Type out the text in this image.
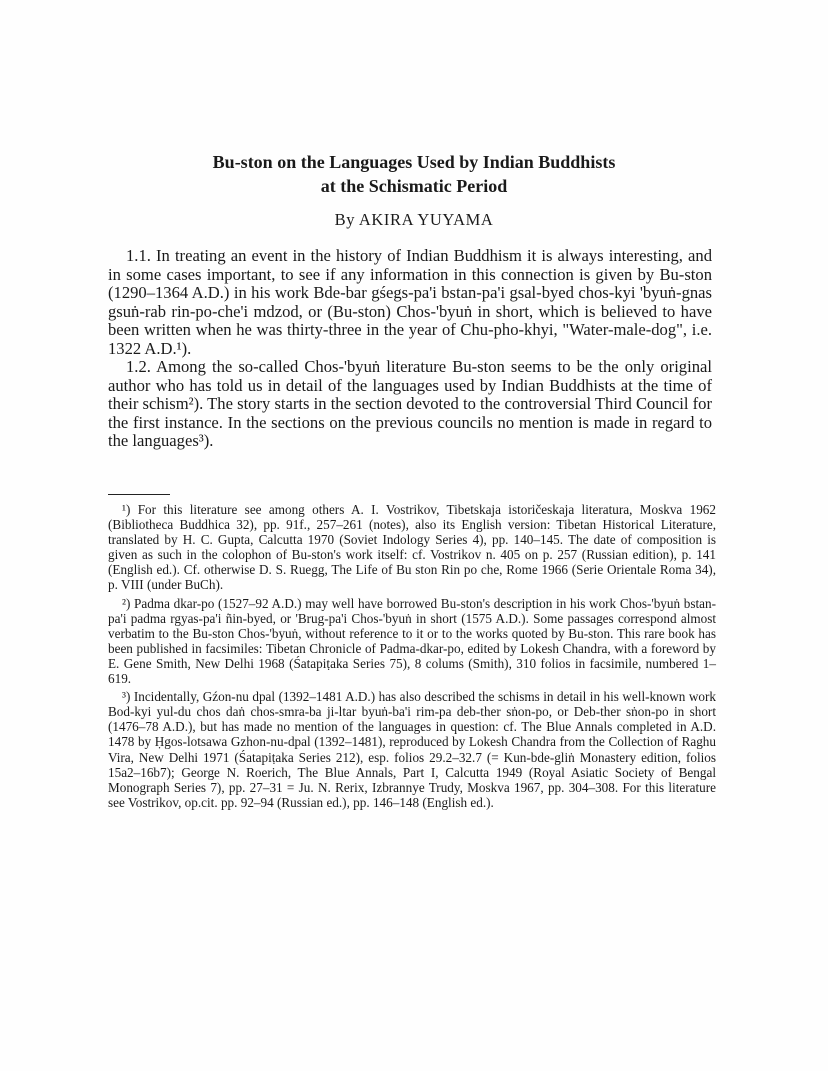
Bu-ston on the Languages Used by Indian Buddhists
at the Schismatic Period
By AKIRA YUYAMA

1.1. In treating an event in the history of Indian Buddhism it is always interesting, and in some cases important, to see if any information in this connection is given by Bu-ston (1290–1364 A.D.) in his work Bde-bar gśegs-pa'i bstan-pa'i gsal-byed chos-kyi 'byuṅ-gnas gsuṅ-rab rin-po-che'i mdzod, or (Bu-ston) Chos-'byuṅ in short, which is believed to have been written when he was thirty-three in the year of Chu-pho-khyi, "Water-male-dog", i.e. 1322 A.D.¹).

1.2. Among the so-called Chos-'byuṅ literature Bu-ston seems to be the only original author who has told us in detail of the languages used by Indian Buddhists at the time of their schism²). The story starts in the section devoted to the controversial Third Council for the first instance. In the sections on the previous councils no mention is made in regard to the languages³).

¹) For this literature see among others A. I. Vostrikov, Tibetskaja istoričeskaja literatura, Moskva 1962 (Bibliotheca Buddhica 32), pp. 91f., 257–261 (notes), also its English version: Tibetan Historical Literature, translated by H. C. Gupta, Calcutta 1970 (Soviet Indology Series 4), pp. 140–145. The date of composition is given as such in the colophon of Bu-ston's work itself: cf. Vostrikov n. 405 on p. 257 (Russian edition), p. 141 (English ed.). Cf. otherwise D. S. Ruegg, The Life of Bu ston Rin po che, Rome 1966 (Serie Orientale Roma 34), p. VIII (under BuCh).

²) Padma dkar-po (1527–92 A.D.) may well have borrowed Bu-ston's description in his work Chos-'byuṅ bstan-pa'i padma rgyas-pa'i ñin-byed, or 'Brug-pa'i Chos-'byuṅ in short (1575 A.D.). Some passages correspond almost verbatim to the Bu-ston Chos-'byuṅ, without reference to it or to the works quoted by Bu-ston. This rare book has been published in facsimiles: Tibetan Chronicle of Padma-dkar-po, edited by Lokesh Chandra, with a foreword by E. Gene Smith, New Delhi 1968 (Śatapiṭaka Series 75), 8 colums (Smith), 310 folios in facsimile, numbered 1–619.

³) Incidentally, Gźon-nu dpal (1392–1481 A.D.) has also described the schisms in detail in his well-known work Bod-kyi yul-du chos daṅ chos-smra-ba ji-ltar byuṅ-ba'i rim-pa deb-ther sṅon-po, or Deb-ther sṅon-po in short (1476–78 A.D.), but has made no mention of the languages in question: cf. The Blue Annals completed in A.D. 1478 by Ḥgos-lotsawa Gzhon-nu-dpal (1392–1481), reproduced by Lokesh Chandra from the Collection of Raghu Vira, New Delhi 1971 (Śatapiṭaka Series 212), esp. folios 29.2–32.7 (= Kun-bde-gliṅ Monastery edition, folios 15a2–16b7); George N. Roerich, The Blue Annals, Part I, Calcutta 1949 (Royal Asiatic Society of Bengal Monograph Series 7), pp. 27–31 = Ju. N. Rerix, Izbrannye Trudy, Moskva 1967, pp. 304–308. For this literature see Vostrikov, op.cit. pp. 92–94 (Russian ed.), pp. 146–148 (English ed.).
